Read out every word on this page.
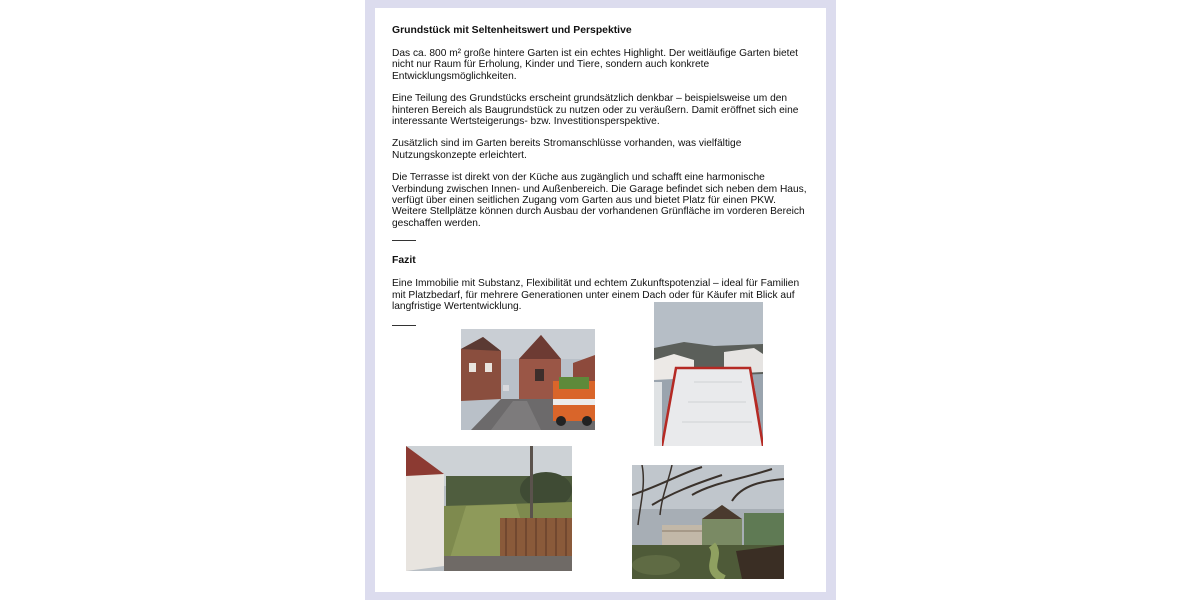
Grundstück mit Seltenheitswert und Perspektive

Das ca. 800 m² große hintere Garten ist ein echtes Highlight. Der weitläufige Garten bietet nicht nur Raum für Erholung, Kinder und Tiere, sondern auch konkrete Entwicklungsmöglichkeiten.

Eine Teilung des Grundstücks erscheint grundsätzlich denkbar – beispielsweise um den hinteren Bereich als Baugrundstück zu nutzen oder zu veräußern. Damit eröffnet sich eine interessante Wertsteigerungs- bzw. Investitionsperspektive.

Zusätzlich sind im Garten bereits Stromanschlüsse vorhanden, was vielfältige Nutzungskonzepte erleichtert.

Die Terrasse ist direkt von der Küche aus zugänglich und schafft eine harmonische Verbindung zwischen Innen- und Außenbereich. Die Garage befindet sich neben dem Haus, verfügt über einen seitlichen Zugang vom Garten aus und bietet Platz für einen PKW. Weitere Stellplätze können durch Ausbau der vorhandenen Grünfläche im vorderen Bereich geschaffen werden.

Fazit

Eine Immobilie mit Substanz, Flexibilität und echtem Zukunftspotenzial – ideal für Familien mit Platzbedarf, für mehrere Generationen unter einem Dach oder für Käufer mit Blick auf langfristige Wertentwicklung.
